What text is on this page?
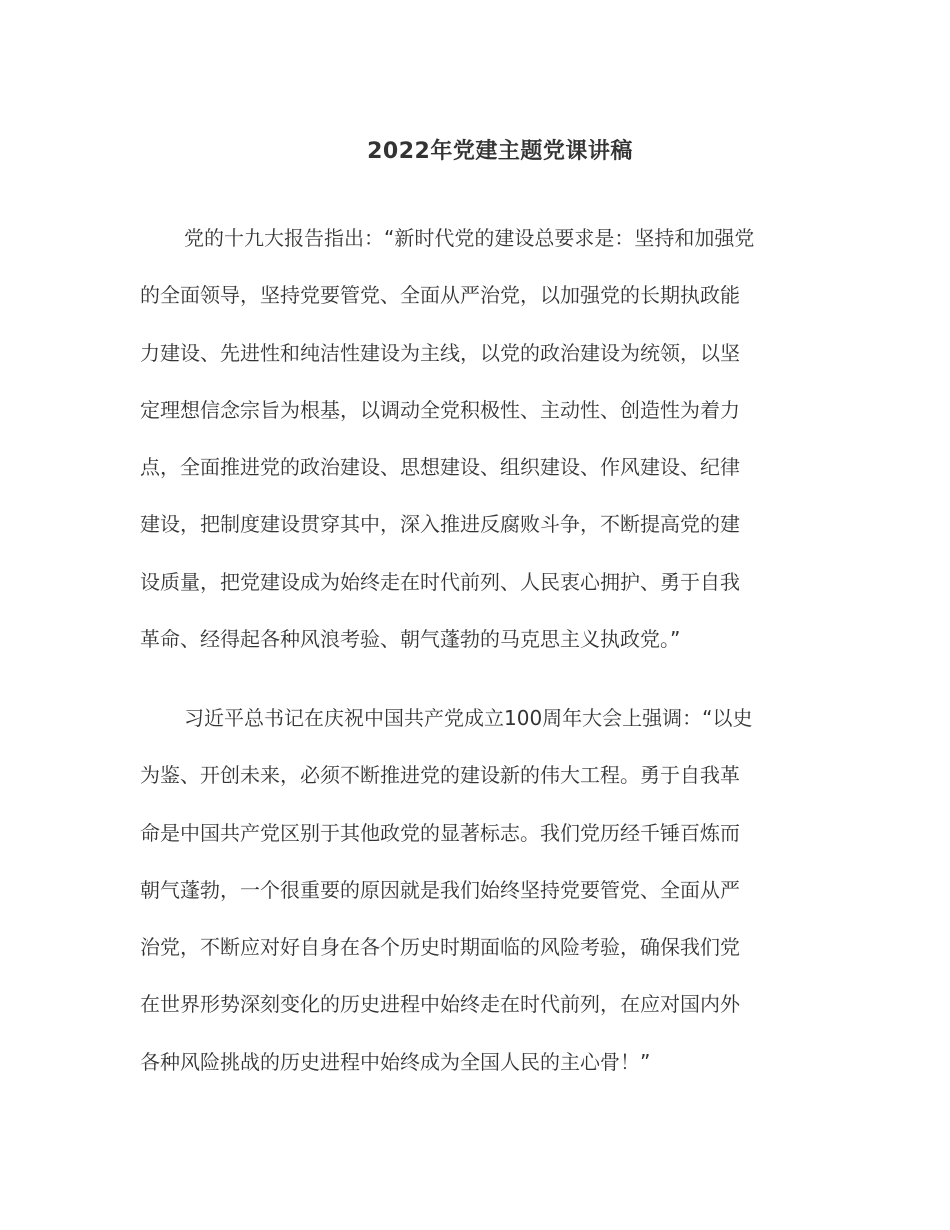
2022年党建主题党课讲稿
党的十九大报告指出：“新时代党的建设总要求是：坚持和加强党
的全面领导，坚持党要管党、全面从严治党，以加强党的长期执政能
力建设、先进性和纯洁性建设为主线，以党的政治建设为统领，以坚
定理想信念宗旨为根基，以调动全党积极性、主动性、创造性为着力
点，全面推进党的政治建设、思想建设、组织建设、作风建设、纪律
建设，把制度建设贯穿其中，深入推进反腐败斗争，不断提高党的建
设质量，把党建设成为始终走在时代前列、人民衷心拥护、勇于自我
革命、经得起各种风浪考验、朝气蓬勃的马克思主义执政党。”
习近平总书记在庆祝中国共产党成立100周年大会上强调：“以史
为鉴、开创未来，必须不断推进党的建设新的伟大工程。勇于自我革
命是中国共产党区别于其他政党的显著标志。我们党历经千锤百炼而
朝气蓬勃，一个很重要的原因就是我们始终坚持党要管党、全面从严
治党，不断应对好自身在各个历史时期面临的风险考验，确保我们党
在世界形势深刻变化的历史进程中始终走在时代前列，在应对国内外
各种风险挑战的历史进程中始终成为全国人民的主心骨！”
